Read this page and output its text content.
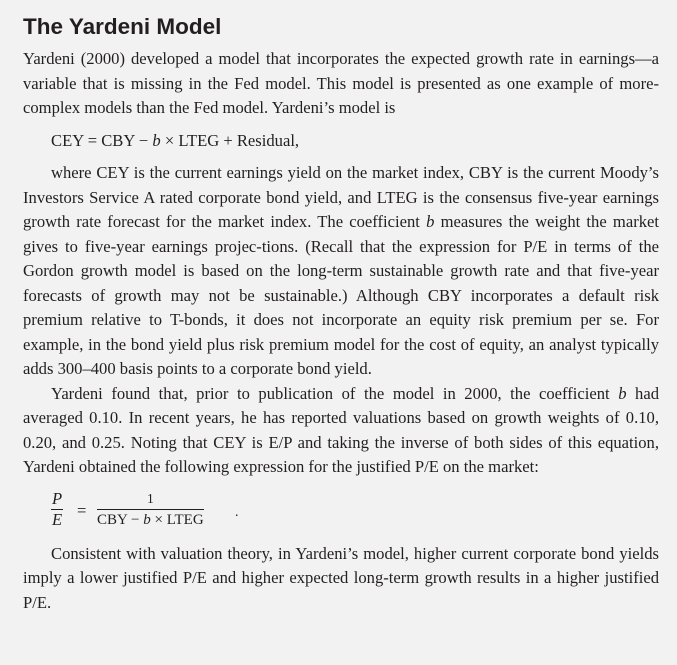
The Yardeni Model

Yardeni (2000) developed a model that incorporates the expected growth rate in earnings—a variable that is missing in the Fed model. This model is presented as one example of more-complex models than the Fed model. Yardeni’s model is

CEY = CBY − b × LTEG + Residual,

where CEY is the current earnings yield on the market index, CBY is the current Moody’s Investors Service A rated corporate bond yield, and LTEG is the consensus five-year earnings growth rate forecast for the market index. The coefficient b measures the weight the market gives to five-year earnings projec-tions. (Recall that the expression for P/E in terms of the Gordon growth model is based on the long-term sustainable growth rate and that five-year forecasts of growth may not be sustainable.) Although CBY incorporates a default risk premium relative to T-bonds, it does not incorporate an equity risk premium per se. For example, in the bond yield plus risk premium model for the cost of equity, an analyst typically adds 300–400 basis points to a corporate bond yield.

Yardeni found that, prior to publication of the model in 2000, the coefficient b had averaged 0.10. In recent years, he has reported valuations based on growth weights of 0.10, 0.20, and 0.25. Noting that CEY is E/P and taking the inverse of both sides of this equation, Yardeni obtained the following expression for the justified P/E on the market:

$\frac{P}{E}$ =
1
CBY − b × LTEG .

Consistent with valuation theory, in Yardeni’s model, higher current corporate bond yields imply a lower justified P/E and higher expected long-term growth results in a higher justified P/E.
